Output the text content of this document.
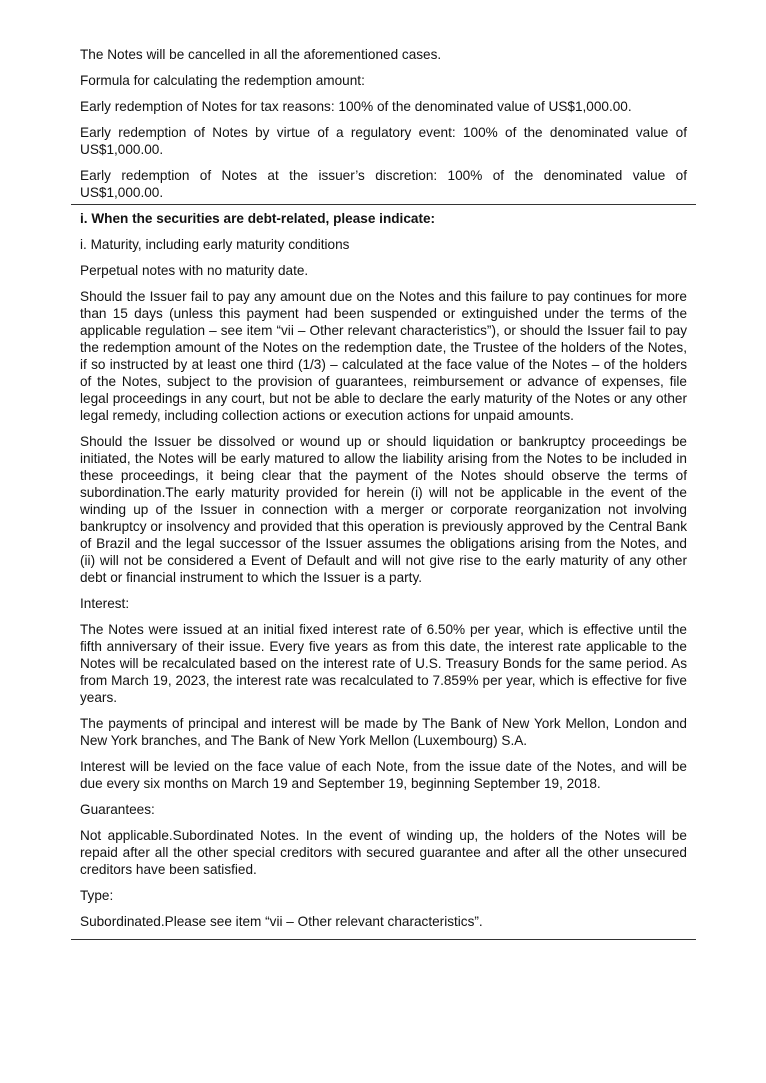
The Notes will be cancelled in all the aforementioned cases.

Formula for calculating the redemption amount:

Early redemption of Notes for tax reasons: 100% of the denominated value of US$1,000.00.

Early redemption of Notes by virtue of a regulatory event: 100% of the denominated value of US$1,000.00.

Early redemption of Notes at the issuer’s discretion: 100% of the denominated value of US$1,000.00.

i. When the securities are debt-related, please indicate:

i. Maturity, including early maturity conditions

Perpetual notes with no maturity date.

Should the Issuer fail to pay any amount due on the Notes and this failure to pay continues for more than 15 days (unless this payment had been suspended or extinguished under the terms of the applicable regulation – see item “vii – Other relevant characteristics”), or should the Issuer fail to pay the redemption amount of the Notes on the redemption date, the Trustee of the holders of the Notes, if so instructed by at least one third (1/3) – calculated at the face value of the Notes – of the holders of the Notes, subject to the provision of guarantees, reimbursement or advance of expenses, file legal proceedings in any court, but not be able to declare the early maturity of the Notes or any other legal remedy, including collection actions or execution actions for unpaid amounts.

Should the Issuer be dissolved or wound up or should liquidation or bankruptcy proceedings be initiated, the Notes will be early matured to allow the liability arising from the Notes to be included in these proceedings, it being clear that the payment of the Notes should observe the terms of subordination.The early maturity provided for herein (i) will not be applicable in the event of the winding up of the Issuer in connection with a merger or corporate reorganization not involving bankruptcy or insolvency and provided that this operation is previously approved by the Central Bank of Brazil and the legal successor of the Issuer assumes the obligations arising from the Notes, and (ii) will not be considered a Event of Default and will not give rise to the early maturity of any other debt or financial instrument to which the Issuer is a party.

Interest:

The Notes were issued at an initial fixed interest rate of 6.50% per year, which is effective until the fifth anniversary of their issue. Every five years as from this date, the interest rate applicable to the Notes will be recalculated based on the interest rate of U.S. Treasury Bonds for the same period. As from March 19, 2023, the interest rate was recalculated to 7.859% per year, which is effective for five years.

The payments of principal and interest will be made by The Bank of New York Mellon, London and New York branches, and The Bank of New York Mellon (Luxembourg) S.A.

Interest will be levied on the face value of each Note, from the issue date of the Notes, and will be due every six months on March 19 and September 19, beginning September 19, 2018.

Guarantees:

Not applicable.Subordinated Notes. In the event of winding up, the holders of the Notes will be repaid after all the other special creditors with secured guarantee and after all the other unsecured creditors have been satisfied.

Type:

Subordinated.Please see item “vii – Other relevant characteristics”.
